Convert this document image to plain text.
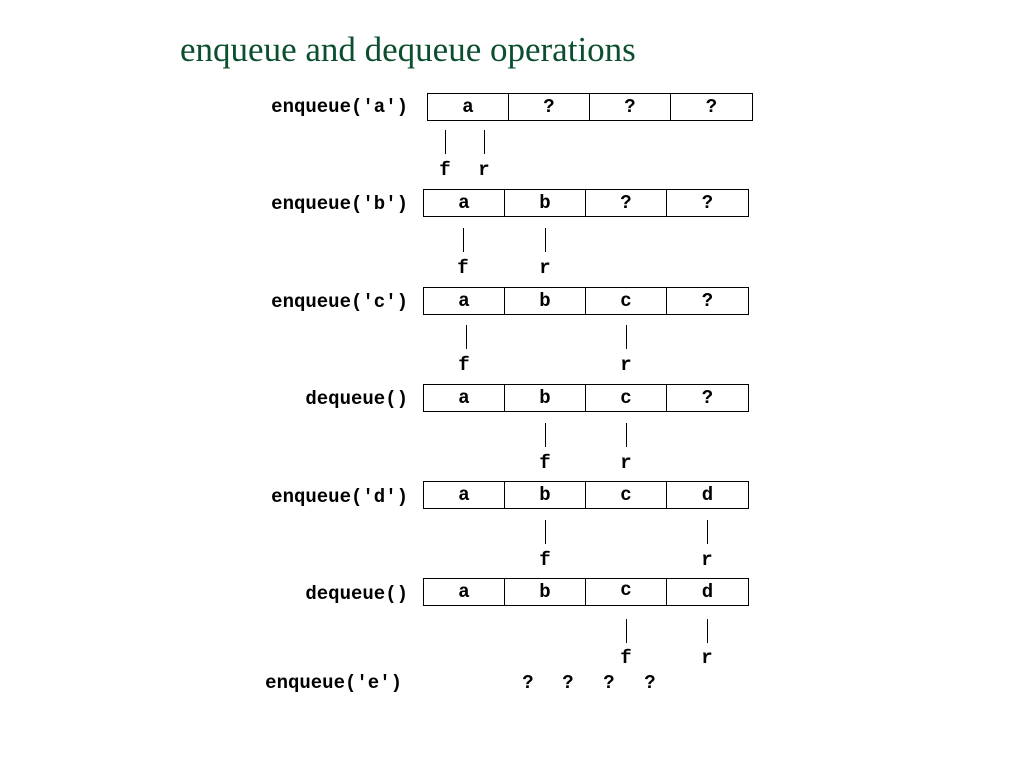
enqueue and dequeue operations
enqueue('a')	a	?	?	?
f	r
enqueue('b')	a	b	?	?
f	r
enqueue('c')	a	b	c	?
f	r
dequeue()	a	b	c	?
f	r
enqueue('d')	a	b	c	d
f	r
dequeue()	a	b	c	d
f	r
enqueue('e')	? ? ? ?
